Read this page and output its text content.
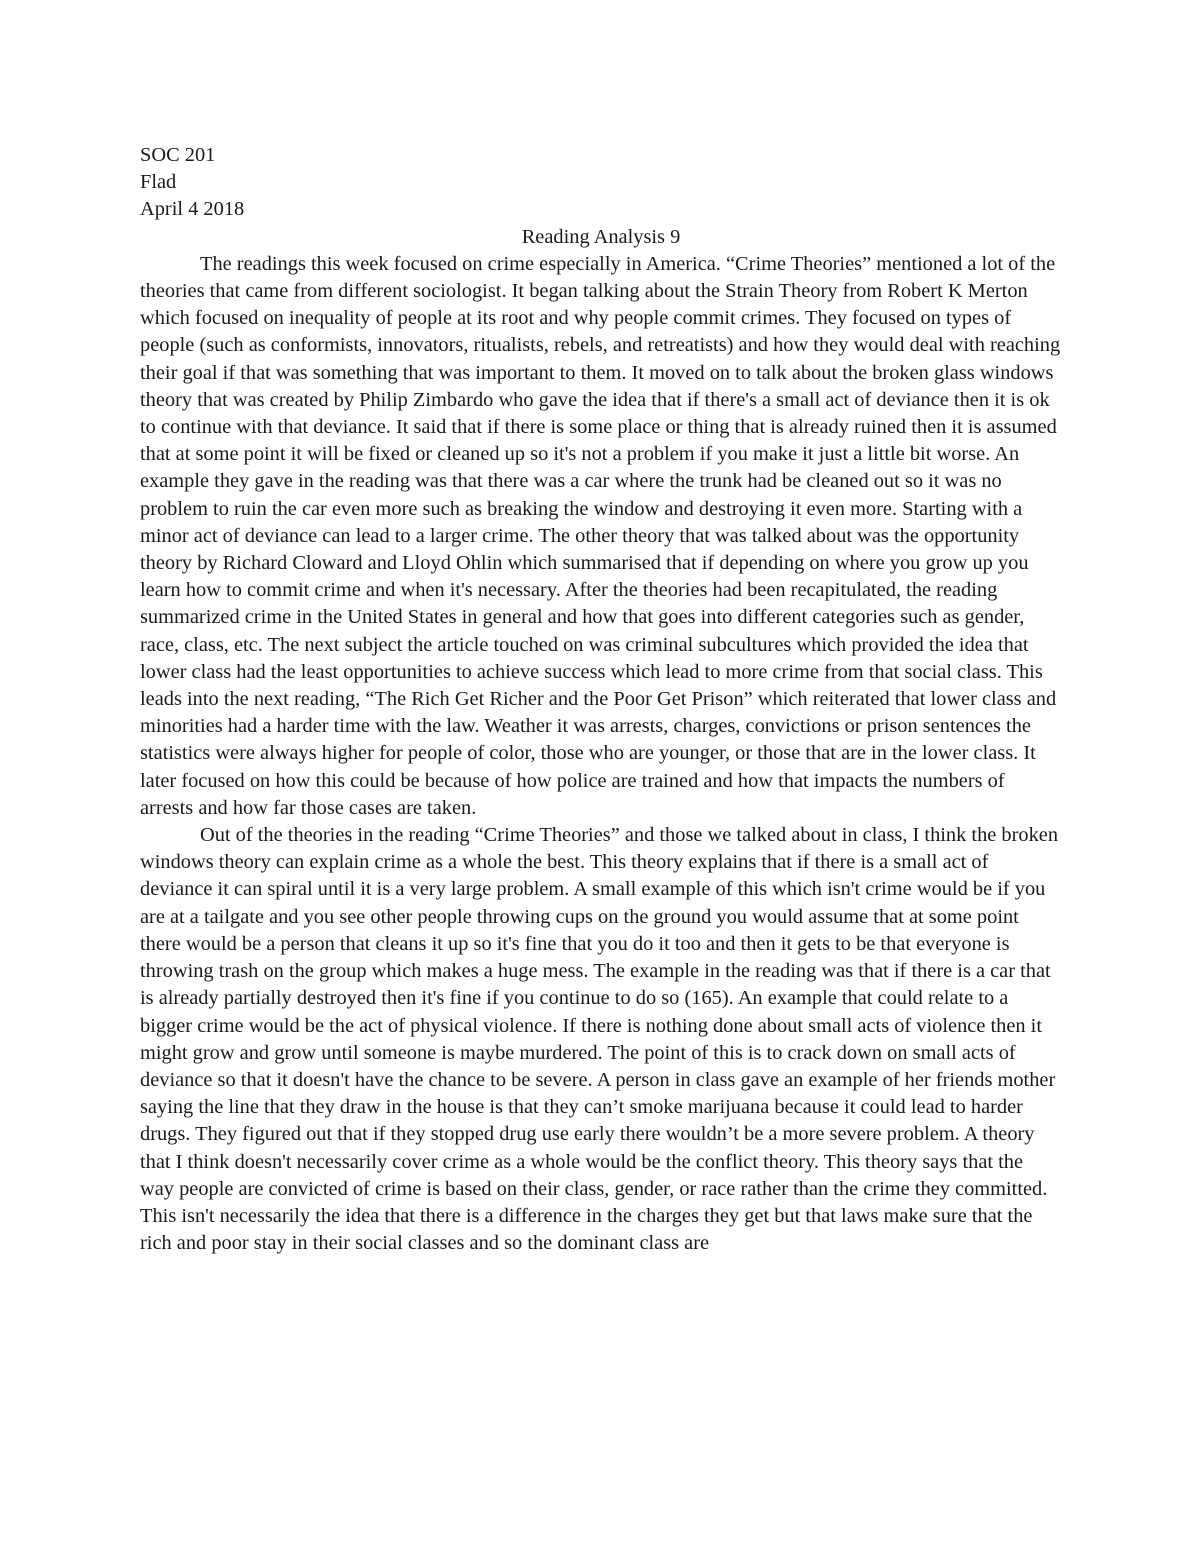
SOC 201

Flad

April 4 2018

Reading Analysis 9

The readings this week focused on crime especially in America. “Crime Theories” mentioned a lot of the theories that came from different sociologist. It began talking about the Strain Theory from Robert K Merton which focused on inequality of people at its root and why people commit crimes. They focused on types of people (such as conformists, innovators, ritualists, rebels, and retreatists) and how they would deal with reaching their goal if that was something that was important to them. It moved on to talk about the broken glass windows theory that was created by Philip Zimbardo who gave the idea that if there's a small act of deviance then it is ok to continue with that deviance. It said that if there is some place or thing that is already ruined then it is assumed that at some point it will be fixed or cleaned up so it's not a problem if you make it just a little bit worse. An example they gave in the reading was that there was a car where the trunk had be cleaned out so it was no problem to ruin the car even more such as breaking the window and destroying it even more. Starting with a minor act of deviance can lead to a larger crime. The other theory that was talked about was the opportunity theory by Richard Cloward and Lloyd Ohlin which summarised that if depending on where you grow up you learn how to commit crime and when it's necessary. After the theories had been recapitulated, the reading summarized crime in the United States in general and how that goes into different categories such as gender, race, class, etc. The next subject the article touched on was criminal subcultures which provided the idea that lower class had the least opportunities to achieve success which lead to more crime from that social class. This leads into the next reading, “The Rich Get Richer and the Poor Get Prison” which reiterated that lower class and minorities had a harder time with the law. Weather it was arrests, charges, convictions or prison sentences the statistics were always higher for people of color, those who are younger, or those that are in the lower class. It later focused on how this could be because of how police are trained and how that impacts the numbers of arrests and how far those cases are taken.

Out of the theories in the reading “Crime Theories” and those we talked about in class, I think the broken windows theory can explain crime as a whole the best. This theory explains that if there is a small act of deviance it can spiral until it is a very large problem. A small example of this which isn't crime would be if you are at a tailgate and you see other people throwing cups on the ground you would assume that at some point there would be a person that cleans it up so it's fine that you do it too and then it gets to be that everyone is throwing trash on the group which makes a huge mess. The example in the reading was that if there is a car that is already partially destroyed then it's fine if you continue to do so (165). An example that could relate to a bigger crime would be the act of physical violence. If there is nothing done about small acts of violence then it might grow and grow until someone is maybe murdered. The point of this is to crack down on small acts of deviance so that it doesn't have the chance to be severe. A person in class gave an example of her friends mother saying the line that they draw in the house is that they can’t smoke marijuana because it could lead to harder drugs. They figured out that if they stopped drug use early there wouldn’t be a more severe problem. A theory that I think doesn't necessarily cover crime as a whole would be the conflict theory. This theory says that the way people are convicted of crime is based on their class, gender, or race rather than the crime they committed. This isn't necessarily the idea that there is a difference in the charges they get but that laws make sure that the rich and poor stay in their social classes and so the dominant class are
